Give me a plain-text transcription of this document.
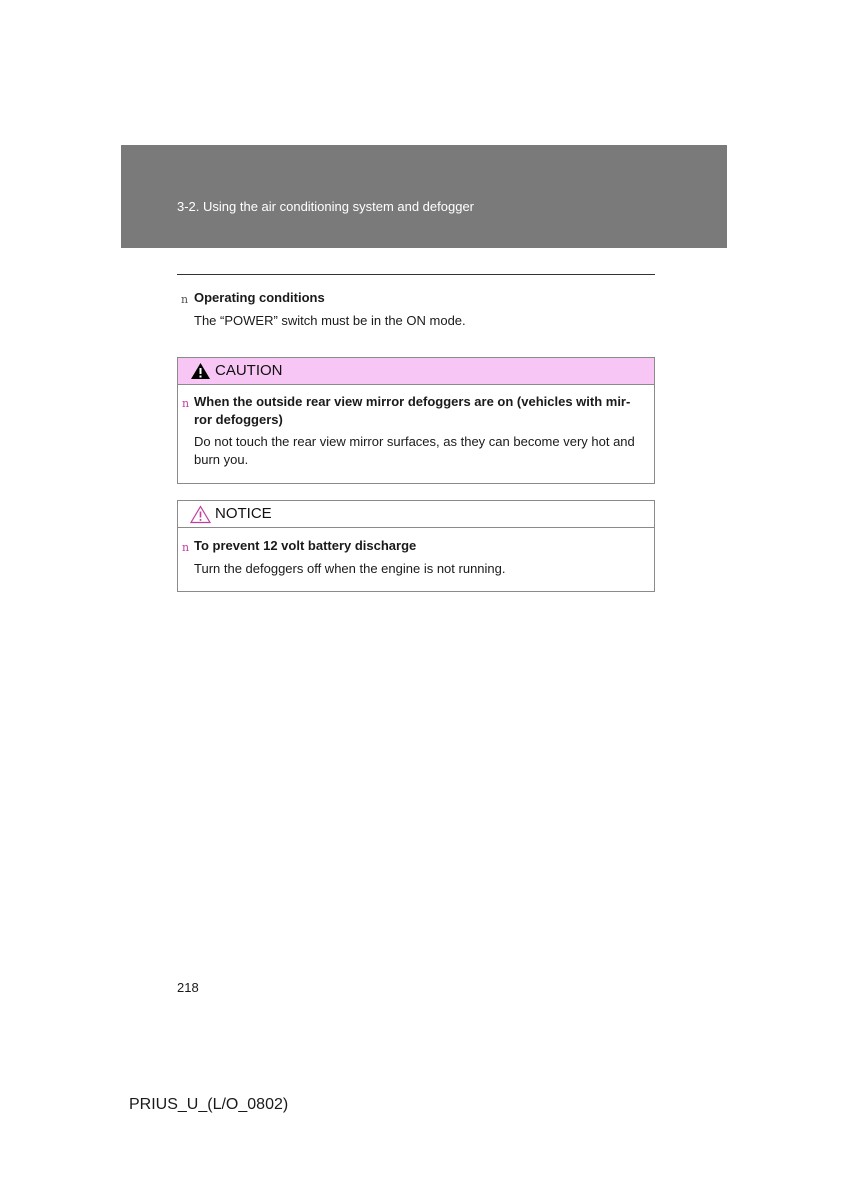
3-2. Using the air conditioning system and defogger
n Operating conditions
The “POWER” switch must be in the ON mode.
CAUTION
n When the outside rear view mirror defoggers are on (vehicles with mir-
ror defoggers)
Do not touch the rear view mirror surfaces, as they can become very hot and
burn you.
NOTICE
n To prevent 12 volt battery discharge
Turn the defoggers off when the engine is not running.
218
PRIUS_U_(L/O_0802)
